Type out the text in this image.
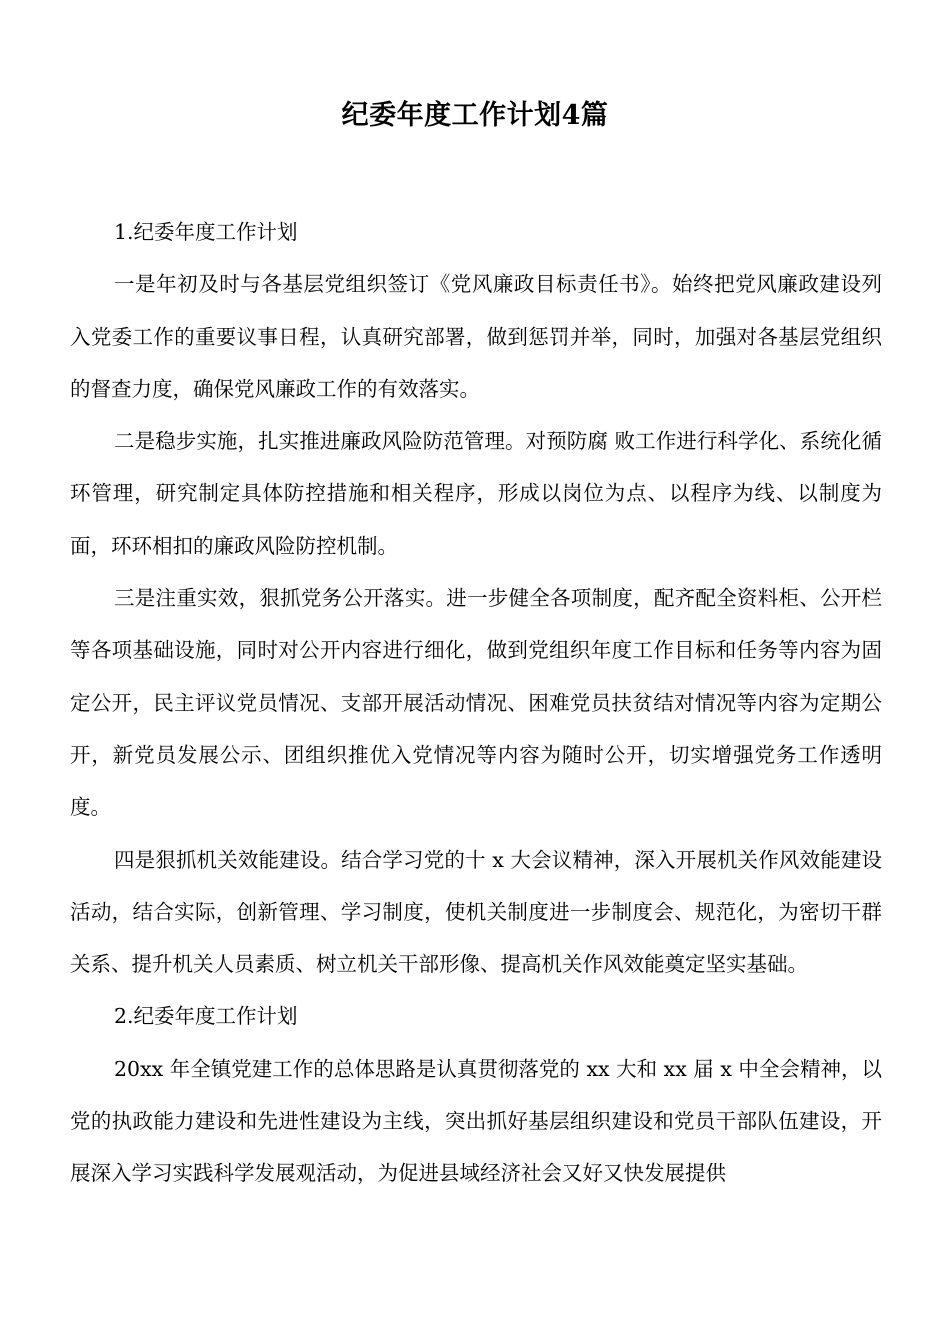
纪委年度工作计划4篇

1.纪委年度工作计划

一是年初及时与各基层党组织签订《党风廉政目标责任书》。始终把党风廉政建设列入党委工作的重要议事日程，认真研究部署，做到惩罚并举，同时，加强对各基层党组织的督查力度，确保党风廉政工作的有效落实。

二是稳步实施，扎实推进廉政风险防范管理。对预防腐 败工作进行科学化、系统化循环管理，研究制定具体防控措施和相关程序，形成以岗位为点、以程序为线、以制度为面，环环相扣的廉政风险防控机制。

三是注重实效，狠抓党务公开落实。进一步健全各项制度，配齐配全资料柜、公开栏等各项基础设施，同时对公开内容进行细化，做到党组织年度工作目标和任务等内容为固定公开，民主评议党员情况、支部开展活动情况、困难党员扶贫结对情况等内容为定期公开，新党员发展公示、团组织推优入党情况等内容为随时公开，切实增强党务工作透明度。

四是狠抓机关效能建设。结合学习党的十 x 大会议精神，深入开展机关作风效能建设活动，结合实际，创新管理、学习制度，使机关制度进一步制度会、规范化，为密切干群关系、提升机关人员素质、树立机关干部形像、提高机关作风效能奠定坚实基础。

2.纪委年度工作计划

20xx 年全镇党建工作的总体思路是认真贯彻落党的 xx 大和 xx 届 x 中全会精神，以党的执政能力建设和先进性建设为主线，突出抓好基层组织建设和党员干部队伍建设，开展深入学习实践科学发展观活动，为促进县域经济社会又好又快发展提供
